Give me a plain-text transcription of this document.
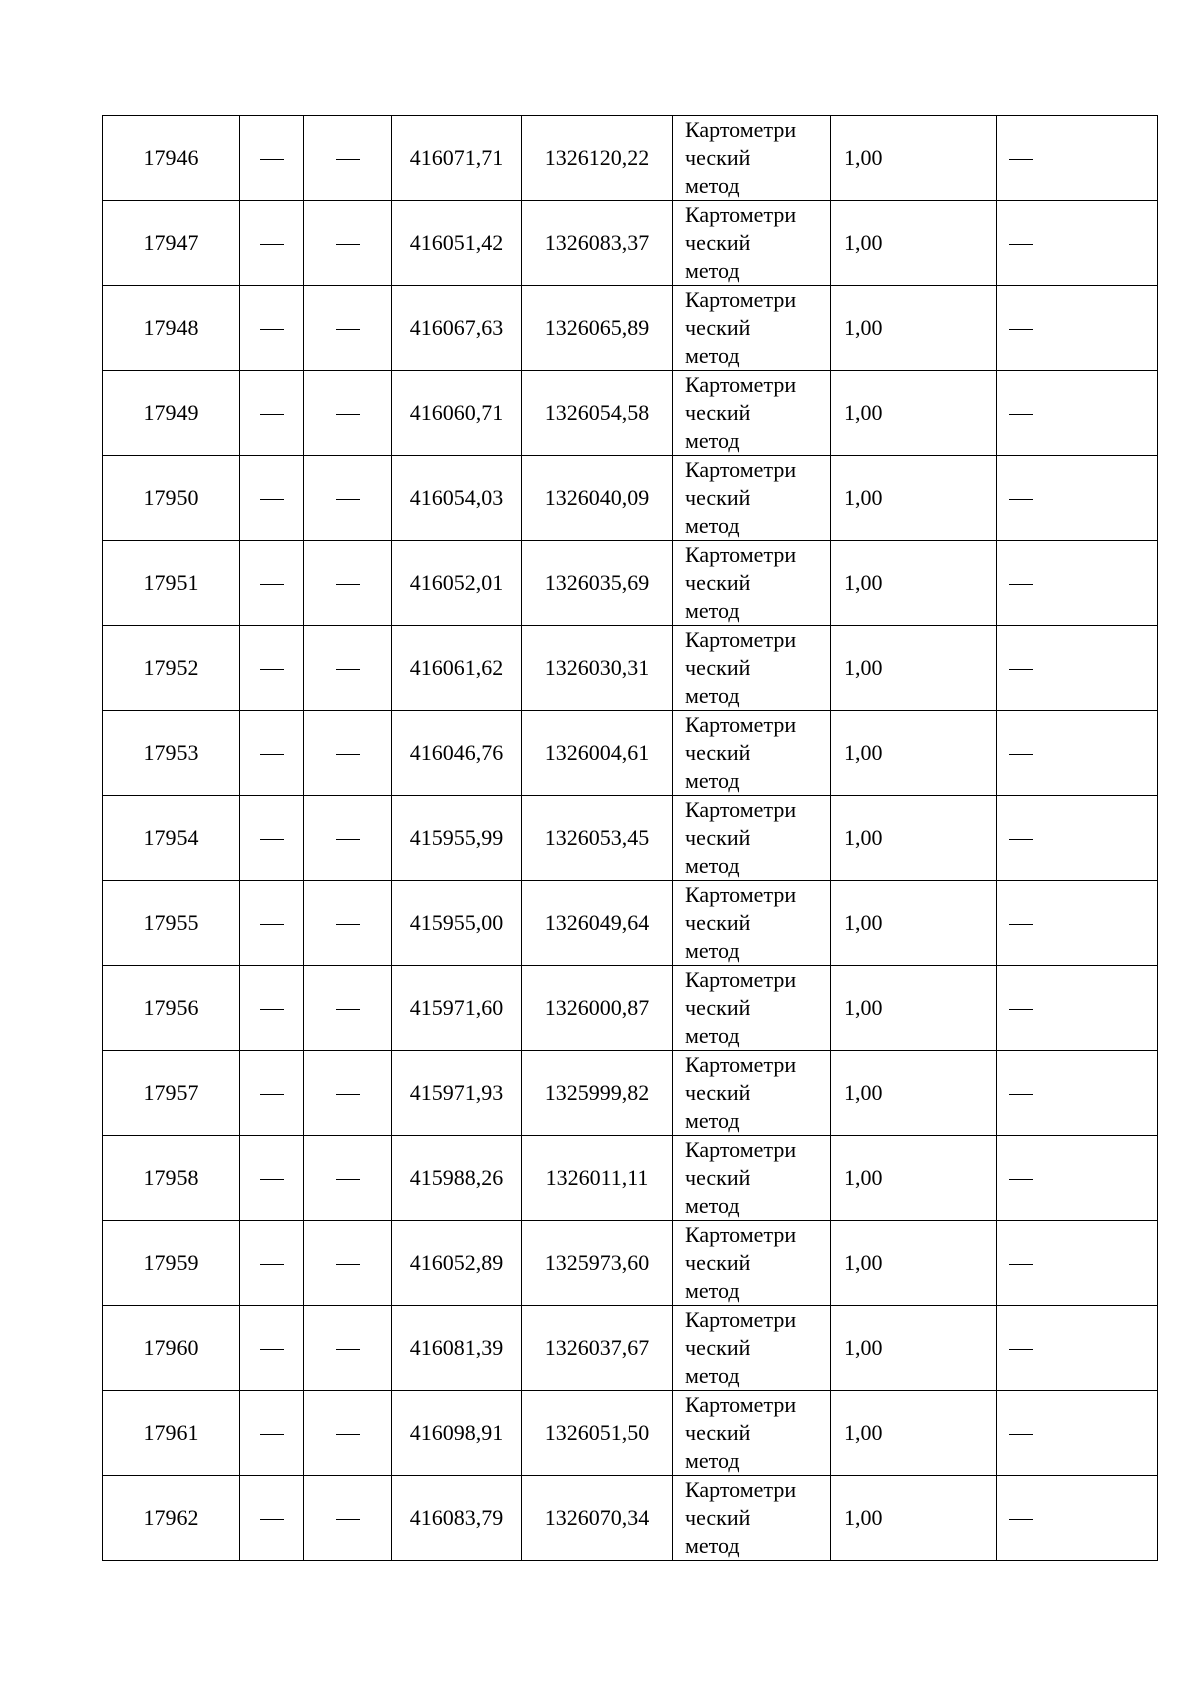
17946			416071,71	1326120,22	Картометри
ческий
метод	1,00	
17947			416051,42	1326083,37	Картометри
ческий
метод	1,00	
17948			416067,63	1326065,89	Картометри
ческий
метод	1,00	
17949			416060,71	1326054,58	Картометри
ческий
метод	1,00	
17950			416054,03	1326040,09	Картометри
ческий
метод	1,00	
17951			416052,01	1326035,69	Картометри
ческий
метод	1,00	
17952			416061,62	1326030,31	Картометри
ческий
метод	1,00	
17953			416046,76	1326004,61	Картометри
ческий
метод	1,00	
17954			415955,99	1326053,45	Картометри
ческий
метод	1,00	
17955			415955,00	1326049,64	Картометри
ческий
метод	1,00	
17956			415971,60	1326000,87	Картометри
ческий
метод	1,00	
17957			415971,93	1325999,82	Картометри
ческий
метод	1,00	
17958			415988,26	1326011,11	Картометри
ческий
метод	1,00	
17959			416052,89	1325973,60	Картометри
ческий
метод	1,00	
17960			416081,39	1326037,67	Картометри
ческий
метод	1,00	
17961			416098,91	1326051,50	Картометри
ческий
метод	1,00	
17962			416083,79	1326070,34	Картометри
ческий
метод	1,00	
